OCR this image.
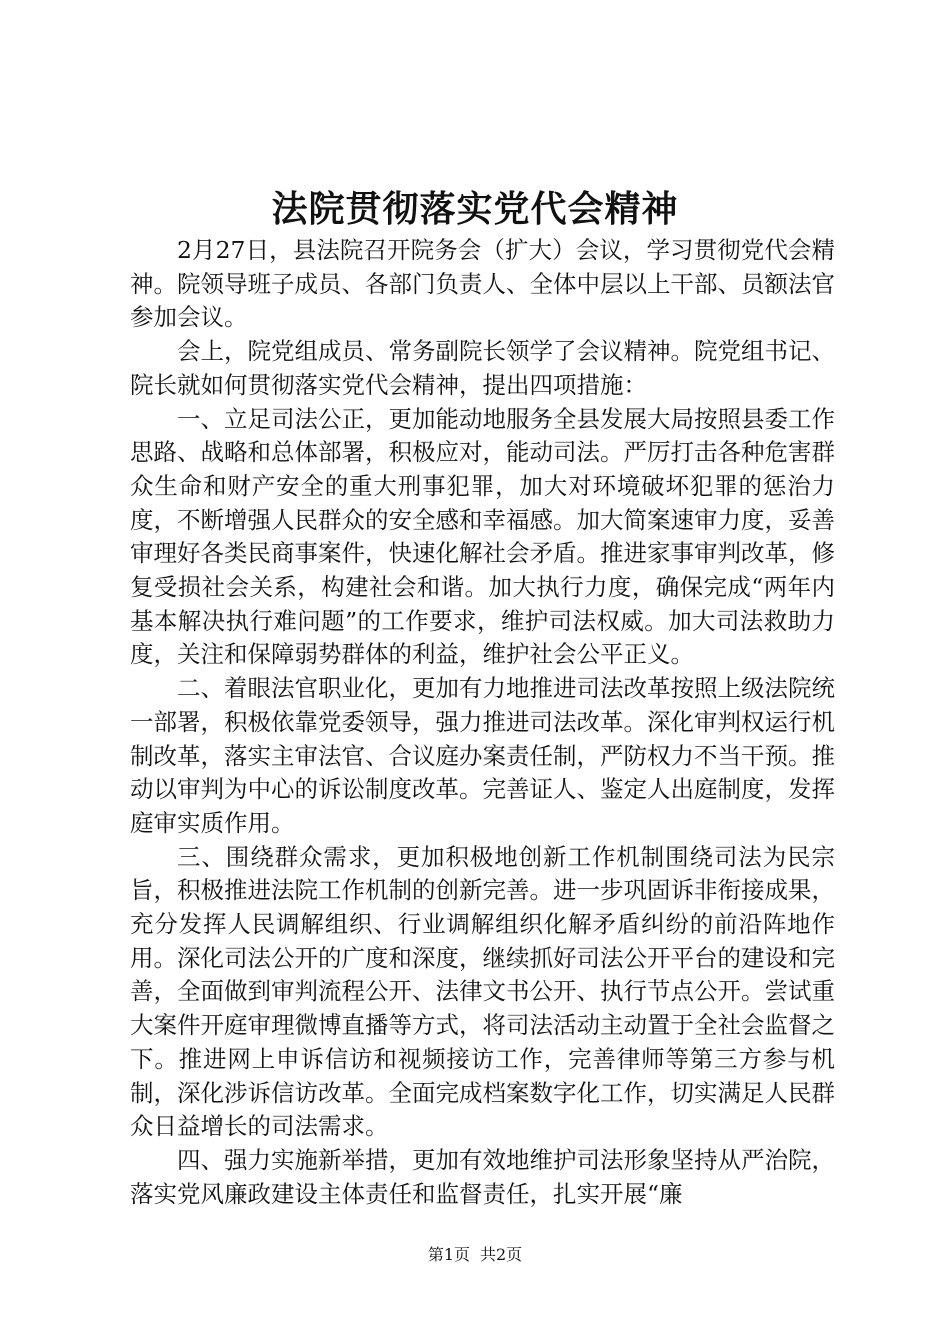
法院贯彻落实党代会精神

2月27日，县法院召开院务会（扩大）会议，学习贯彻党代会精神。院领导班子成员、各部门负责人、全体中层以上干部、员额法官参加会议。

会上，院党组成员、常务副院长领学了会议精神。院党组书记、院长就如何贯彻落实党代会精神，提出四项措施：

一、立足司法公正，更加能动地服务全县发展大局按照县委工作思路、战略和总体部署，积极应对，能动司法。严厉打击各种危害群众生命和财产安全的重大刑事犯罪，加大对环境破坏犯罪的惩治力度，不断增强人民群众的安全感和幸福感。加大简案速审力度，妥善审理好各类民商事案件，快速化解社会矛盾。推进家事审判改革，修复受损社会关系，构建社会和谐。加大执行力度，确保完成“两年内基本解决执行难问题”的工作要求，维护司法权威。加大司法救助力度，关注和保障弱势群体的利益，维护社会公平正义。

二、着眼法官职业化，更加有力地推进司法改革按照上级法院统一部署，积极依靠党委领导，强力推进司法改革。深化审判权运行机制改革，落实主审法官、合议庭办案责任制，严防权力不当干预。推动以审判为中心的诉讼制度改革。完善证人、鉴定人出庭制度，发挥庭审实质作用。

三、围绕群众需求，更加积极地创新工作机制围绕司法为民宗旨，积极推进法院工作机制的创新完善。进一步巩固诉非衔接成果，充分发挥人民调解组织、行业调解组织化解矛盾纠纷的前沿阵地作用。深化司法公开的广度和深度，继续抓好司法公开平台的建设和完善，全面做到审判流程公开、法律文书公开、执行节点公开。尝试重大案件开庭审理微博直播等方式，将司法活动主动置于全社会监督之下。推进网上申诉信访和视频接访工作，完善律师等第三方参与机制，深化涉诉信访改革。全面完成档案数字化工作，切实满足人民群众日益增长的司法需求。

四、强力实施新举措，更加有效地维护司法形象坚持从严治院，落实党风廉政建设主体责任和监督责任，扎实开展“廉

第1页 共2页
